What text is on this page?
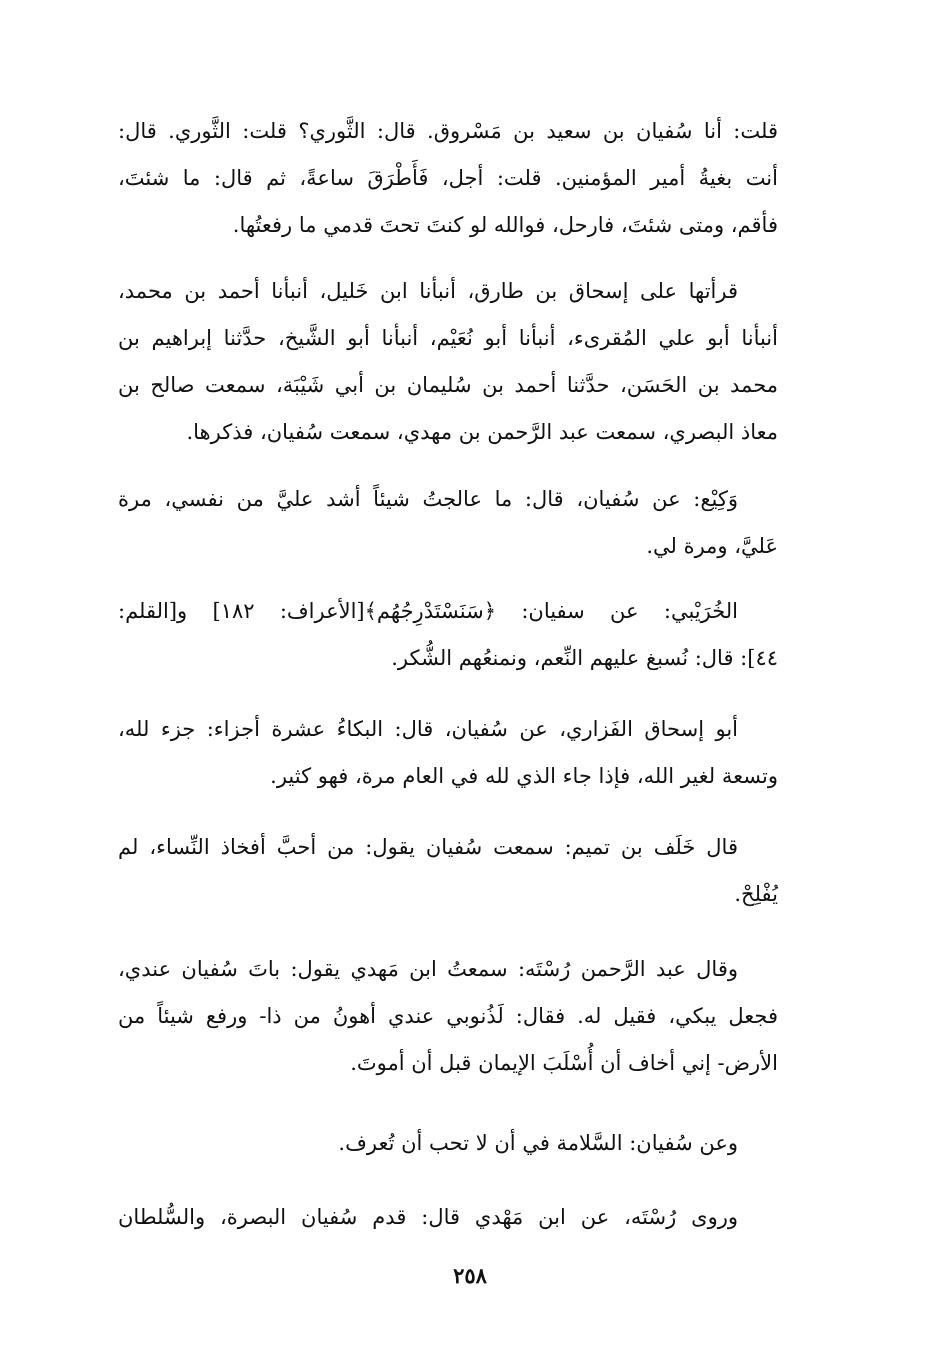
قلت: أنا سُفيان بن سعيد بن مَسْروق. قال: الثَّوري؟ قلت: الثَّوري. قال:
أنت بغيةُ أمير المؤمنين. قلت: أجل، فَأَطْرَقَ ساعةً، ثم قال: ما شئتَ،
فأقم، ومتى شئتَ، فارحل، فوالله لو كنتَ تحتَ قدمي ما رفعتُها.
قرأتها على إسحاق بن طارق، أنبأنا ابن خَليل، أنبأنا أحمد بن محمد،
أنبأنا أبو علي المُقرىء، أنبأنا أبو نُعَيْم، أنبأنا أبو الشَّيخ، حدَّثنا إبراهيم بن
محمد بن الحَسَن، حدَّثنا أحمد بن سُليمان بن أبي شَيْبَة، سمعت صالح بن
معاذ البصري، سمعت عبد الرَّحمن بن مهدي، سمعت سُفيان، فذكرها.
وَكِيْع: عن سُفيان، قال: ما عالجتُ شيئاً أشد عليَّ من نفسي، مرة
عَليَّ، ومرة لي.
الخُرَيْبي: عن سفيان: ﴿سَنَسْتَدْرِجُهُم﴾[الأعراف: ١٨٢] و[القلم:
٤٤]: قال: نُسبغ عليهم النِّعم، ونمنعُهم الشُّكر.
أبو إسحاق الفَزاري، عن سُفيان، قال: البكاءُ عشرة أجزاء: جزء لله،
وتسعة لغير الله، فإذا جاء الذي لله في العام مرة، فهو كثير.
قال خَلَف بن تميم: سمعت سُفيان يقول: من أحبَّ أفخاذ النِّساء، لم
يُفْلِحْ.
وقال عبد الرَّحمن رُسْتَه: سمعتُ ابن مَهدي يقول: باتَ سُفيان عندي،
فجعل يبكي، فقيل له. فقال: لَذُنوبي عندي أهونُ من ذا- ورفع شيئاً من
الأرض- إني أخاف أن أُسْلَبَ الإيمان قبل أن أموتَ.
وعن سُفيان: السَّلامة في أن لا تحب أن تُعرف.
وروى رُسْتَه، عن ابن مَهْدي قال: قدم سُفيان البصرة، والسُّلطان
٢٥٨
